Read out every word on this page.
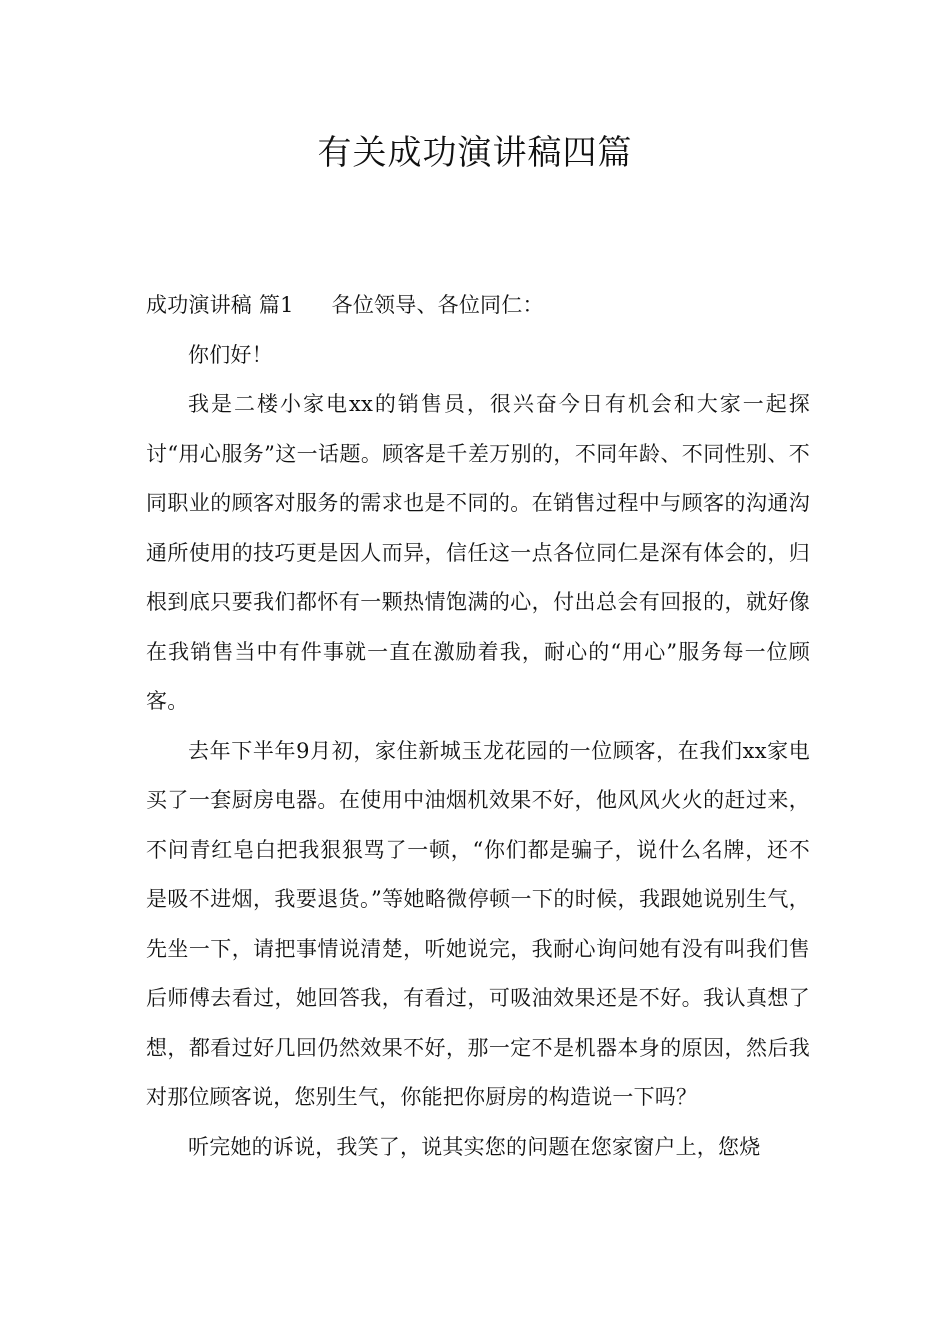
有关成功演讲稿四篇

成功演讲稿 篇1 各位领导、各位同仁：

你们好！

我是二楼小家电xx的销售员，很兴奋今日有机会和大家一起探讨“用心服务”这一话题。顾客是千差万别的，不同年龄、不同性别、不同职业的顾客对服务的需求也是不同的。在销售过程中与顾客的沟通沟通所使用的技巧更是因人而异，信任这一点各位同仁是深有体会的，归根到底只要我们都怀有一颗热情饱满的心，付出总会有回报的，就好像在我销售当中有件事就一直在激励着我，耐心的“用心”服务每一位顾客。

去年下半年9月初，家住新城玉龙花园的一位顾客，在我们xx家电买了一套厨房电器。在使用中油烟机效果不好，他风风火火的赶过来，不问青红皂白把我狠狠骂了一顿，“你们都是骗子，说什么名牌，还不是吸不进烟，我要退货。”等她略微停顿一下的时候，我跟她说别生气，先坐一下，请把事情说清楚，听她说完，我耐心询问她有没有叫我们售后师傅去看过，她回答我，有看过，可吸油效果还是不好。我认真想了想，都看过好几回仍然效果不好，那一定不是机器本身的原因，然后我对那位顾客说，您别生气，你能把你厨房的构造说一下吗？

听完她的诉说，我笑了，说其实您的问题在您家窗户上，您烧
